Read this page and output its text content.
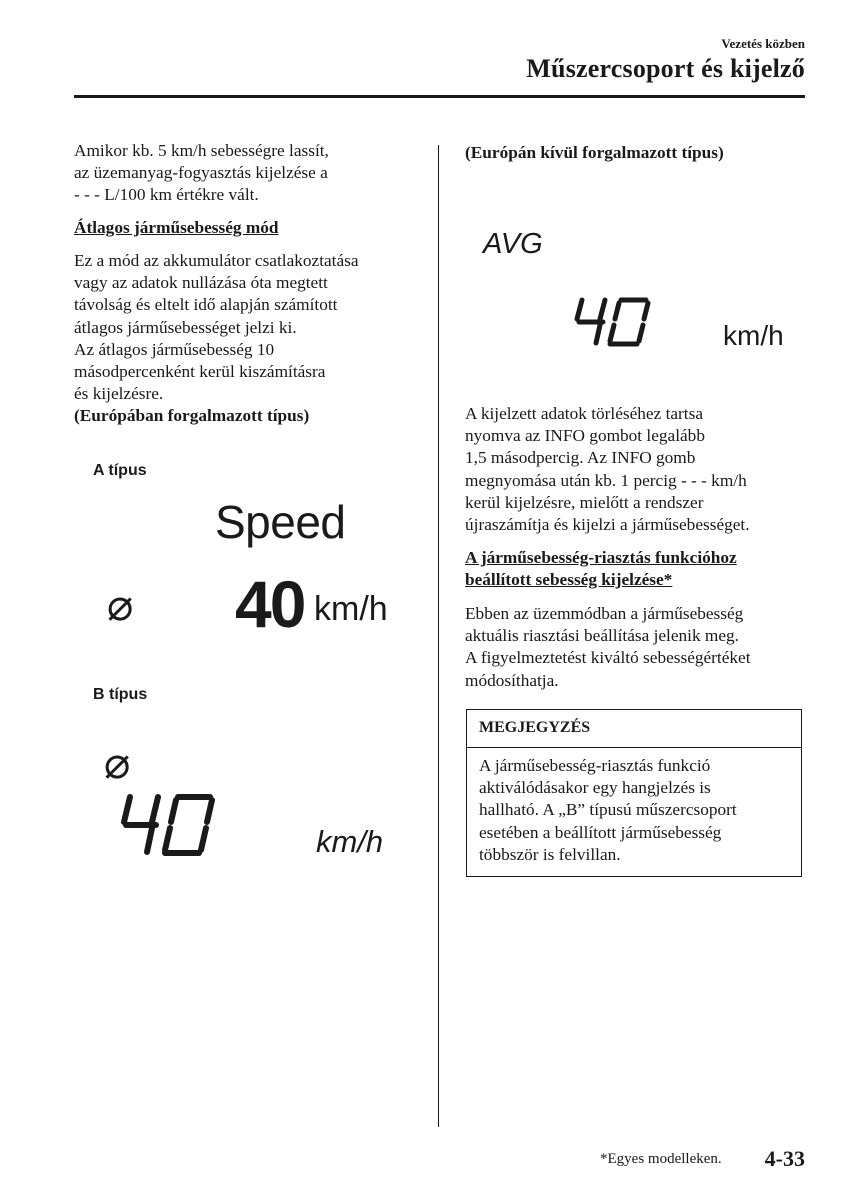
Vezetés közben
Műszercsoport és kijelző

Amikor kb. 5 km/h sebességre lassít,

az üzemanyag-fogyasztás kijelzése a

- - - L/100 km értékre vált.

Átlagos járműsebesség mód

Ez a mód az akkumulátor csatlakoztatása

vagy az adatok nullázása óta megtett

távolság és eltelt idő alapján számított

átlagos járműsebességet jelzi ki.

Az átlagos járműsebesség 10

másodpercenként kerül kiszámításra

és kijelzésre.

(Európában forgalmazott típus)
A típus
Speed
⌀ 40 km/h
B típus
⌀
km/h
(Európán kívül forgalmazott típus)
AVG
km/h

A kijelzett adatok törléséhez tartsa

nyomva az INFO gombot legalább

1,5 másodpercig. Az INFO gomb

megnyomása után kb. 1 percig - - - km/h

kerül kijelzésre, mielőtt a rendszer

újraszámítja és kijelzi a járműsebességet.

A járműsebesség-riasztás funkcióhoz
beállított sebesség kijelzése*

Ebben az üzemmódban a járműsebesség

aktuális riasztási beállítása jelenik meg.

A figyelmeztetést kiváltó sebességértéket

módosíthatja.

MEGJEGYZÉS
A járműsebesség-riasztás funkció
aktiválódásakor egy hangjelzés is
hallható. A „B” típusú műszercsoport
esetében a beállított járműsebesség
többször is felvillan.
*Egyes modelleken. 4-33
